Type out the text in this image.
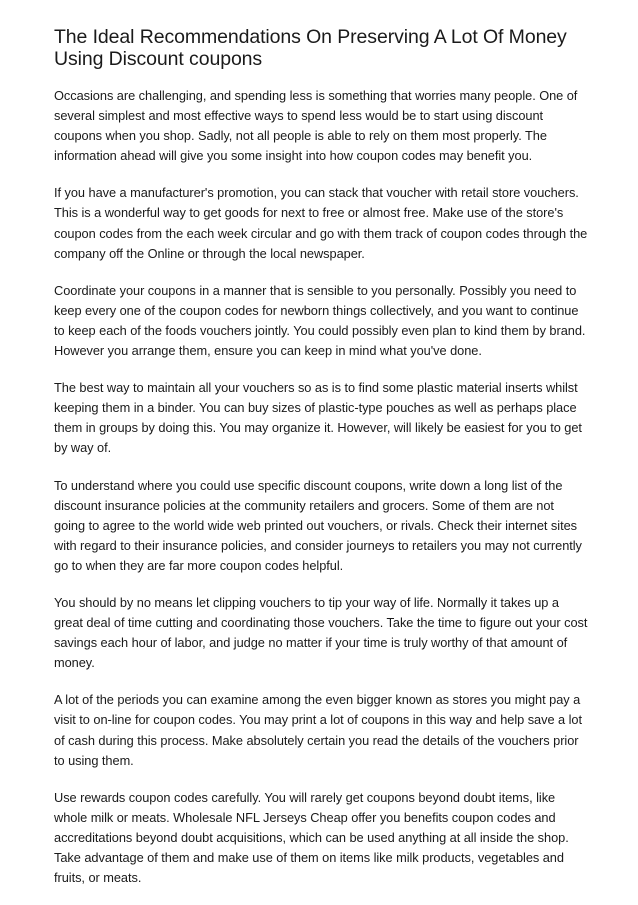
The Ideal Recommendations On Preserving A Lot Of Money Using Discount coupons

Occasions are challenging, and spending less is something that worries many people. One of several simplest and most effective ways to spend less would be to start using discount coupons when you shop. Sadly, not all people is able to rely on them most properly. The information ahead will give you some insight into how coupon codes may benefit you.

If you have a manufacturer's promotion, you can stack that voucher with retail store vouchers. This is a wonderful way to get goods for next to free or almost free. Make use of the store's coupon codes from the each week circular and go with them track of coupon codes through the company off the Online or through the local newspaper.

Coordinate your coupons in a manner that is sensible to you personally. Possibly you need to keep every one of the coupon codes for newborn things collectively, and you want to continue to keep each of the foods vouchers jointly. You could possibly even plan to kind them by brand. However you arrange them, ensure you can keep in mind what you've done.

The best way to maintain all your vouchers so as is to find some plastic material inserts whilst keeping them in a binder. You can buy sizes of plastic-type pouches as well as perhaps place them in groups by doing this. You may organize it. However, will likely be easiest for you to get by way of.

To understand where you could use specific discount coupons, write down a long list of the discount insurance policies at the community retailers and grocers. Some of them are not going to agree to the world wide web printed out vouchers, or rivals. Check their internet sites with regard to their insurance policies, and consider journeys to retailers you may not currently go to when they are far more coupon codes helpful.

You should by no means let clipping vouchers to tip your way of life. Normally it takes up a great deal of time cutting and coordinating those vouchers. Take the time to figure out your cost savings each hour of labor, and judge no matter if your time is truly worthy of that amount of money.

A lot of the periods you can examine among the even bigger known as stores you might pay a visit to on-line for coupon codes. You may print a lot of coupons in this way and help save a lot of cash during this process. Make absolutely certain you read the details of the vouchers prior to using them.

Use rewards coupon codes carefully. You will rarely get coupons beyond doubt items, like whole milk or meats. Wholesale NFL Jerseys Cheap offer you benefits coupon codes and accreditations beyond doubt acquisitions, which can be used anything at all inside the shop. Take advantage of them and make use of them on items like milk products, vegetables and fruits, or meats.
